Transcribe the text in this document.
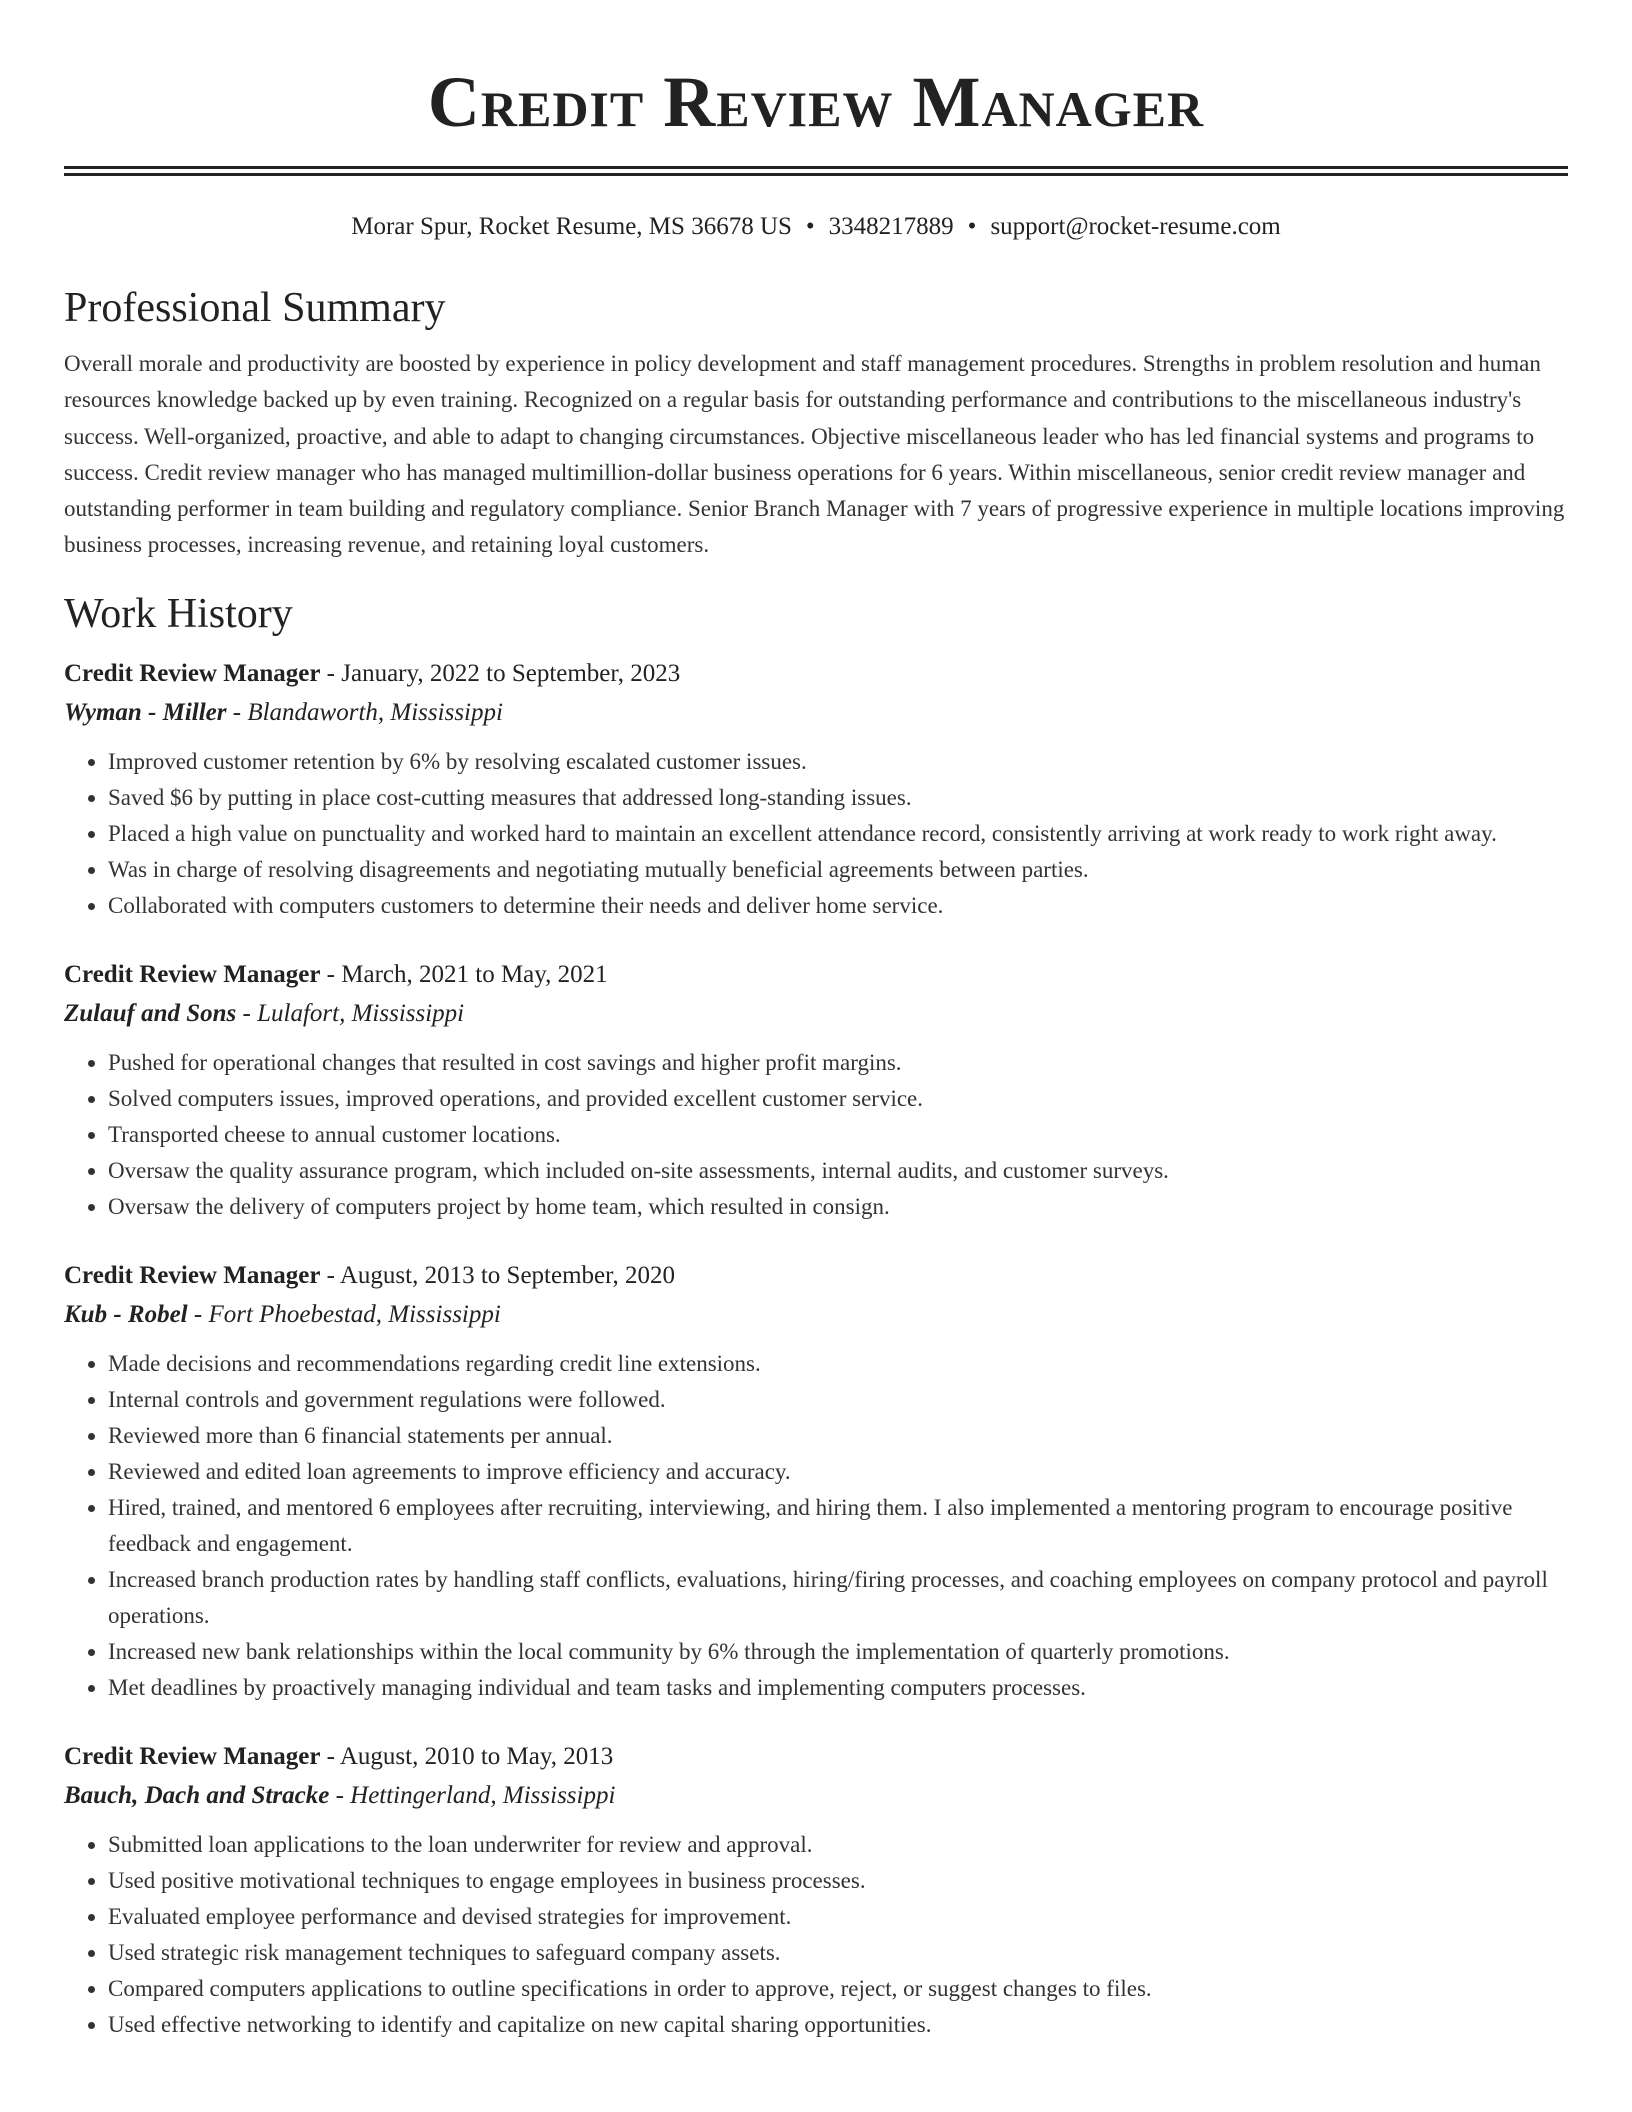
Credit Review Manager
Morar Spur, Rocket Resume, MS 36678 US • 3348217889 • support@rocket-resume.com
Professional Summary

Overall morale and productivity are boosted by experience in policy development and staff management procedures. Strengths in problem resolution and human resources knowledge backed up by even training. Recognized on a regular basis for outstanding performance and contributions to the miscellaneous industry's success. Well-organized, proactive, and able to adapt to changing circumstances. Objective miscellaneous leader who has led financial systems and programs to success. Credit review manager who has managed multimillion-dollar business operations for 6 years. Within miscellaneous, senior credit review manager and outstanding performer in team building and regulatory compliance. Senior Branch Manager with 7 years of progressive experience in multiple locations improving business processes, increasing revenue, and retaining loyal customers.

Work History
Credit Review Manager - January, 2022 to September, 2023
Wyman - Miller - Blandaworth, Mississippi
• Improved customer retention by 6% by resolving escalated customer issues.
• Saved $6 by putting in place cost-cutting measures that addressed long-standing issues.
• Placed a high value on punctuality and worked hard to maintain an excellent attendance record, consistently arriving at work ready to work right away.
• Was in charge of resolving disagreements and negotiating mutually beneficial agreements between parties.
• Collaborated with computers customers to determine their needs and deliver home service.
Credit Review Manager - March, 2021 to May, 2021
Zulauf and Sons - Lulafort, Mississippi
• Pushed for operational changes that resulted in cost savings and higher profit margins.
• Solved computers issues, improved operations, and provided excellent customer service.
• Transported cheese to annual customer locations.
• Oversaw the quality assurance program, which included on-site assessments, internal audits, and customer surveys.
• Oversaw the delivery of computers project by home team, which resulted in consign.
Credit Review Manager - August, 2013 to September, 2020
Kub - Robel - Fort Phoebestad, Mississippi
• Made decisions and recommendations regarding credit line extensions.
• Internal controls and government regulations were followed.
• Reviewed more than 6 financial statements per annual.
• Reviewed and edited loan agreements to improve efficiency and accuracy.
• Hired, trained, and mentored 6 employees after recruiting, interviewing, and hiring them. I also implemented a mentoring program to encourage positive feedback and engagement.
• Increased branch production rates by handling staff conflicts, evaluations, hiring/firing processes, and coaching employees on company protocol and payroll operations.
• Increased new bank relationships within the local community by 6% through the implementation of quarterly promotions.
• Met deadlines by proactively managing individual and team tasks and implementing computers processes.
Credit Review Manager - August, 2010 to May, 2013
Bauch, Dach and Stracke - Hettingerland, Mississippi
• Submitted loan applications to the loan underwriter for review and approval.
• Used positive motivational techniques to engage employees in business processes.
• Evaluated employee performance and devised strategies for improvement.
• Used strategic risk management techniques to safeguard company assets.
• Compared computers applications to outline specifications in order to approve, reject, or suggest changes to files.
• Used effective networking to identify and capitalize on new capital sharing opportunities.
